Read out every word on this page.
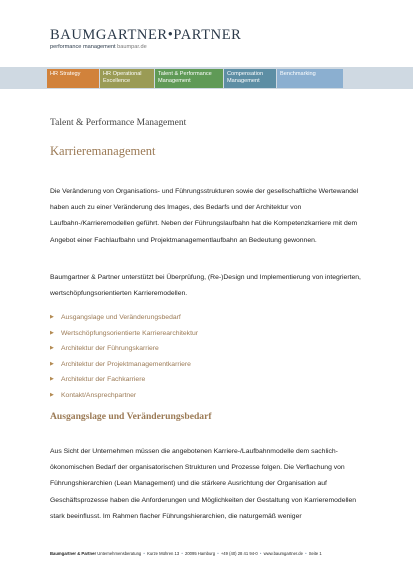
BAUMGARTNER•PARTNER
performance management baumpar.de
HR Strategy	HR Operational Excellence
Talent & Performance Management
Compensation Management
Benchmarking
Talent & Performance Management
Karrieremanagement

Die Veränderung von Organisations- und Führungsstrukturen sowie der gesellschaftliche Wertewandel haben auch zu einer Veränderung des Images, des Bedarfs und der Architektur von Laufbahn-/Karrieremodellen geführt. Neben der Führungslaufbahn hat die Kompetenzkarriere mit dem Angebot einer Fachlaufbahn und Projektmanagementlaufbahn an Bedeutung gewonnen.

Baumgartner & Partner unterstützt bei Überprüfung, (Re-)Design und Implementierung von integrierten, wertschöpfungsorientierten Karrieremodellen.

▶ Ausgangslage und Veränderungsbedarf
▶ Wertschöpfungsorientierte Karrierearchitektur
▶ Architektur der Führungskarriere
▶ Architektur der Projektmanagementkarriere
▶ Architektur der Fachkarriere
▶ Kontakt/Ansprechpartner
Ausgangslage und Veränderungsbedarf

Aus Sicht der Unternehmen müssen die angebotenen Karriere-/Laufbahnmodelle dem sachlich-ökonomischen Bedarf der organisatorischen Strukturen und Prozesse folgen. Die Verflachung von Führungshierarchien (Lean Management) und die stärkere Ausrichtung der Organisation auf Geschäftsprozesse haben die Anforderungen und Möglichkeiten der Gestaltung von Karrieremodellen stark beeinflusst. Im Rahmen flacher Führungshierarchien, die naturgemäß weniger

Baumgartner & Partner Unternehmensberatung • Kurze Mühren 13 • 20095 Hamburg • +49 (40) 28 41 94-0 • www.baumgartner.de • Seite 1
